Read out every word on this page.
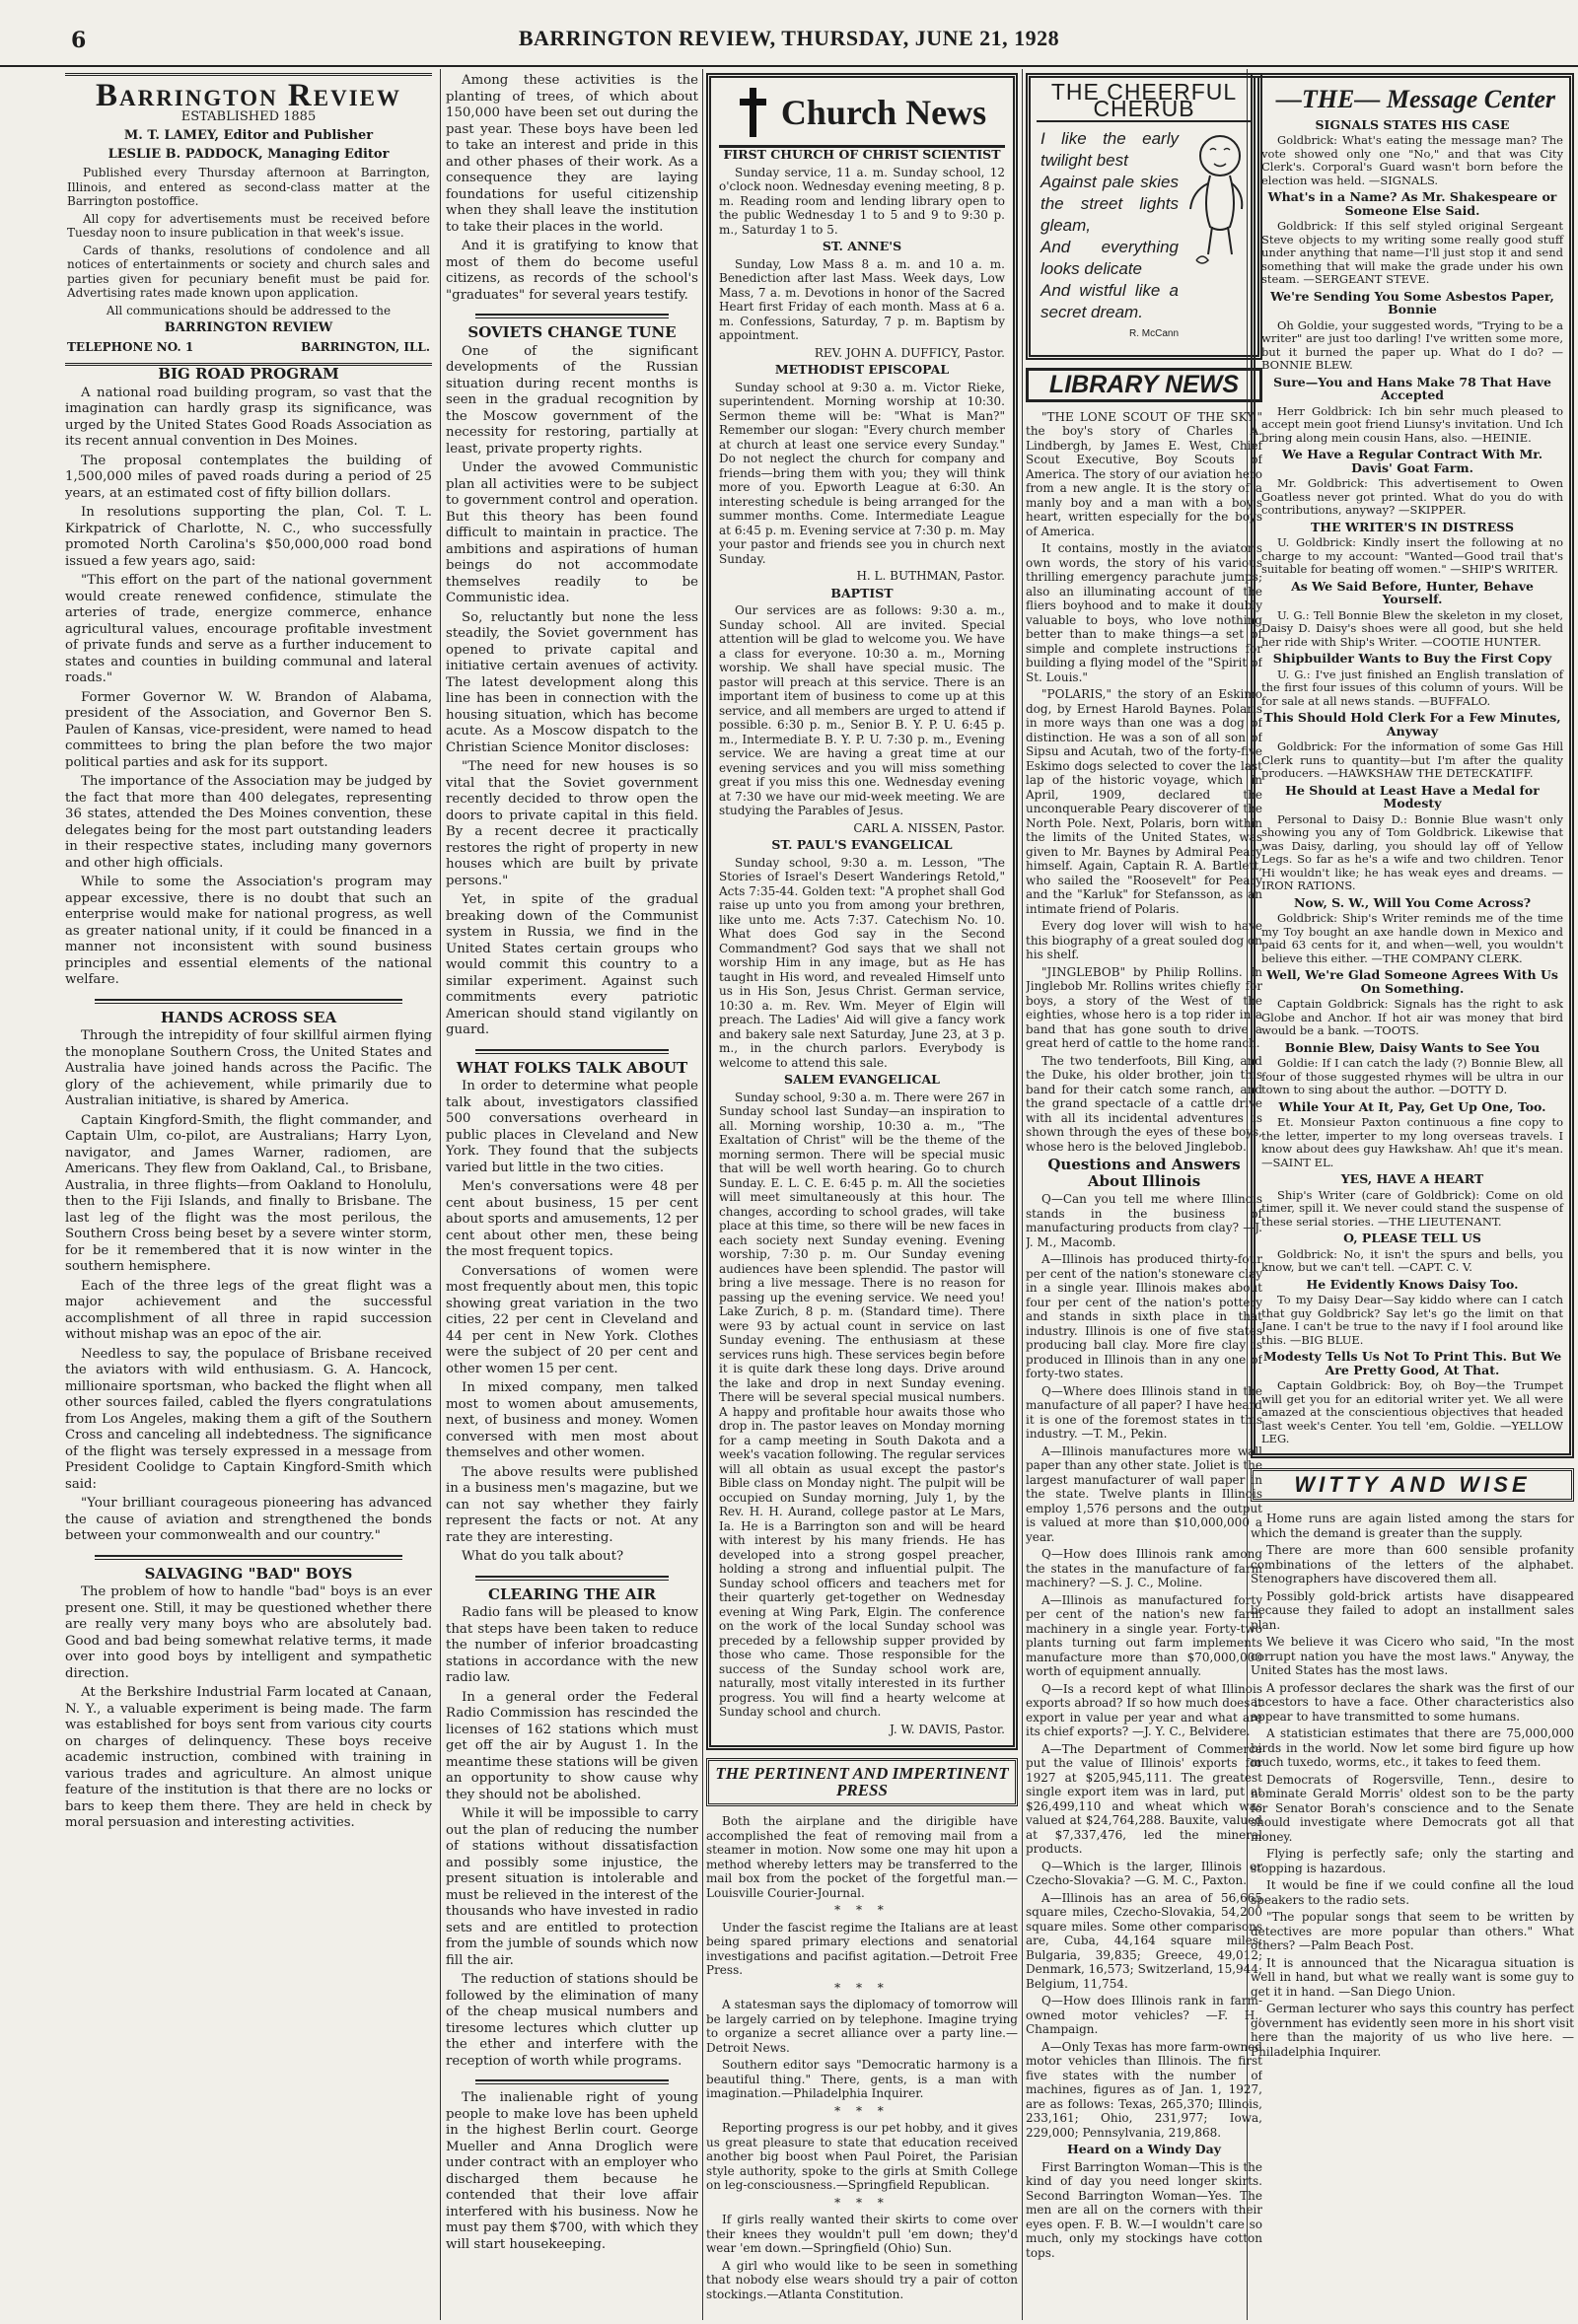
6	BARRINGTON REVIEW, THURSDAY, JUNE 21, 1928
Barrington Review

ESTABLISHED 1885

M. T. LAMEY, Editor and Publisher

LESLIE B. PADDOCK, Managing Editor

Published every Thursday afternoon at Barrington, Illinois, and entered as second-class matter at the Barrington postoffice.

All copy for advertisements must be received before Tuesday noon to insure publication in that week's issue.

Cards of thanks, resolutions of condolence and all notices of entertainments or society and church sales and parties given for pecuniary benefit must be paid for. Advertising rates made known upon application.

All communications should be addressed to the

BARRINGTON REVIEW

TELEPHONE NO. 1	BARRINGTON, ILL.

BIG ROAD PROGRAM

A national road building program, so vast that the imagination can hardly grasp its significance, was urged by the United States Good Roads Association as its recent annual convention in Des Moines.

The proposal contemplates the building of 1,500,000 miles of paved roads during a period of 25 years, at an estimated cost of fifty billion dollars.

In resolutions supporting the plan, Col. T. L. Kirkpatrick of Charlotte, N. C., who successfully promoted North Carolina's $50,000,000 road bond issued a few years ago, said:

"This effort on the part of the national government would create renewed confidence, stimulate the arteries of trade, energize commerce, enhance agricultural values, encourage profitable investment of private funds and serve as a further inducement to states and counties in building communal and lateral roads."

Former Governor W. W. Brandon of Alabama, president of the Association, and Governor Ben S. Paulen of Kansas, vice-president, were named to head committees to bring the plan before the two major political parties and ask for its support.

The importance of the Association may be judged by the fact that more than 400 delegates, representing 36 states, attended the Des Moines convention, these delegates being for the most part outstanding leaders in their respective states, including many governors and other high officials.

While to some the Association's program may appear excessive, there is no doubt that such an enterprise would make for national progress, as well as greater national unity, if it could be financed in a manner not inconsistent with sound business principles and essential elements of the national welfare.

HANDS ACROSS SEA

Through the intrepidity of four skillful airmen flying the monoplane Southern Cross, the United States and Australia have joined hands across the Pacific. The glory of the achievement, while primarily due to Australian initiative, is shared by America.

Captain Kingford-Smith, the flight commander, and Captain Ulm, co-pilot, are Australians; Harry Lyon, navigator, and James Warner, radiomen, are Americans. They flew from Oakland, Cal., to Brisbane, Australia, in three flights—from Oakland to Honolulu, then to the Fiji Islands, and finally to Brisbane. The last leg of the flight was the most perilous, the Southern Cross being beset by a severe winter storm, for be it remembered that it is now winter in the southern hemisphere.

Each of the three legs of the great flight was a major achievement and the successful accomplishment of all three in rapid succession without mishap was an epoc of the air.

Needless to say, the populace of Brisbane received the aviators with wild enthusiasm. G. A. Hancock, millionaire sportsman, who backed the flight when all other sources failed, cabled the flyers congratulations from Los Angeles, making them a gift of the Southern Cross and canceling all indebtedness. The significance of the flight was tersely expressed in a message from President Coolidge to Captain Kingford-Smith which said:

"Your brilliant courageous pioneering has advanced the cause of aviation and strengthened the bonds between your commonwealth and our country."

SALVAGING "BAD" BOYS

The problem of how to handle "bad" boys is an ever present one. Still, it may be questioned whether there are really very many boys who are absolutely bad. Good and bad being somewhat relative terms, it made over into good boys by intelligent and sympathetic direction.

At the Berkshire Industrial Farm located at Canaan, N. Y., a valuable experiment is being made. The farm was established for boys sent from various city courts on charges of delinquency. These boys receive academic instruction, combined with training in various trades and agriculture. An almost unique feature of the institution is that there are no locks or bars to keep them there. They are held in check by moral persuasion and interesting activities.

Among these activities is the planting of trees, of which about 150,000 have been set out during the past year. These boys have been led to take an interest and pride in this and other phases of their work. As a consequence they are laying foundations for useful citizenship when they shall leave the institution to take their places in the world.

And it is gratifying to know that most of them do become useful citizens, as records of the school's "graduates" for several years testify.

SOVIETS CHANGE TUNE

One of the significant developments of the Russian situation during recent months is seen in the gradual recognition by the Moscow government of the necessity for restoring, partially at least, private property rights.

Under the avowed Communistic plan all activities were to be subject to government control and operation. But this theory has been found difficult to maintain in practice. The ambitions and aspirations of human beings do not accommodate themselves readily to be Communistic idea.

So, reluctantly but none the less steadily, the Soviet government has opened to private capital and initiative certain avenues of activity. The latest development along this line has been in connection with the housing situation, which has become acute. As a Moscow dispatch to the Christian Science Monitor discloses:

"The need for new houses is so vital that the Soviet government recently decided to throw open the doors to private capital in this field. By a recent decree it practically restores the right of property in new houses which are built by private persons."

Yet, in spite of the gradual breaking down of the Communist system in Russia, we find in the United States certain groups who would commit this country to a similar experiment. Against such commitments every patriotic American should stand vigilantly on guard.

WHAT FOLKS TALK ABOUT

In order to determine what people talk about, investigators classified 500 conversations overheard in public places in Cleveland and New York. They found that the subjects varied but little in the two cities.

Men's conversations were 48 per cent about business, 15 per cent about sports and amusements, 12 per cent about other men, these being the most frequent topics.

Conversations of women were most frequently about men, this topic showing great variation in the two cities, 22 per cent in Cleveland and 44 per cent in New York. Clothes were the subject of 20 per cent and other women 15 per cent.

In mixed company, men talked most to women about amusements, next, of business and money. Women conversed with men most about themselves and other women.

The above results were published in a business men's magazine, but we can not say whether they fairly represent the facts or not. At any rate they are interesting.

What do you talk about?

CLEARING THE AIR

Radio fans will be pleased to know that steps have been taken to reduce the number of inferior broadcasting stations in accordance with the new radio law.

In a general order the Federal Radio Commission has rescinded the licenses of 162 stations which must get off the air by August 1. In the meantime these stations will be given an opportunity to show cause why they should not be abolished.

While it will be impossible to carry out the plan of reducing the number of stations without dissatisfaction and possibly some injustice, the present situation is intolerable and must be relieved in the interest of the thousands who have invested in radio sets and are entitled to protection from the jumble of sounds which now fill the air.

The reduction of stations should be followed by the elimination of many of the cheap musical numbers and tiresome lectures which clutter up the ether and interfere with the reception of worth while programs.

The inalienable right of young people to make love has been upheld in the highest Berlin court. George Mueller and Anna Droglich were under contract with an employer who discharged them because he contended that their love affair interfered with his business. Now he must pay them $700, with which they will start housekeeping.

Church News

FIRST CHURCH OF CHRIST SCIENTIST

Sunday service, 11 a. m. Sunday school, 12 o'clock noon. Wednesday evening meeting, 8 p. m. Reading room and lending library open to the public Wednesday 1 to 5 and 9 to 9:30 p. m., Saturday 1 to 5.

ST. ANNE'S

Sunday, Low Mass 8 a. m. and 10 a. m. Benediction after last Mass. Week days, Low Mass, 7 a. m. Devotions in honor of the Sacred Heart first Friday of each month. Mass at 6 a. m. Confessions, Saturday, 7 p. m. Baptism by appointment.

REV. JOHN A. DUFFICY, Pastor.

METHODIST EPISCOPAL

Sunday school at 9:30 a. m. Victor Rieke, superintendent. Morning worship at 10:30. Sermon theme will be: "What is Man?" Remember our slogan: "Every church member at church at least one service every Sunday." Do not neglect the church for company and friends—bring them with you; they will think more of you. Epworth League at 6:30. An interesting schedule is being arranged for the summer months. Come. Intermediate League at 6:45 p. m. Evening service at 7:30 p. m. May your pastor and friends see you in church next Sunday.

H. L. BUTHMAN, Pastor.

BAPTIST

Our services are as follows: 9:30 a. m., Sunday school. All are invited. Special attention will be glad to welcome you. We have a class for everyone. 10:30 a. m., Morning worship. We shall have special music. The pastor will preach at this service. There is an important item of business to come up at this service, and all members are urged to attend if possible. 6:30 p. m., Senior B. Y. P. U. 6:45 p. m., Intermediate B. Y. P. U. 7:30 p. m., Evening service. We are having a great time at our evening services and you will miss something great if you miss this one. Wednesday evening at 7:30 we have our mid-week meeting. We are studying the Parables of Jesus.

CARL A. NISSEN, Pastor.

ST. PAUL'S EVANGELICAL

Sunday school, 9:30 a. m. Lesson, "The Stories of Israel's Desert Wanderings Retold," Acts 7:35-44. Golden text: "A prophet shall God raise up unto you from among your brethren, like unto me. Acts 7:37. Catechism No. 10. What does God say in the Second Commandment? God says that we shall not worship Him in any image, but as He has taught in His word, and revealed Himself unto us in His Son, Jesus Christ. German service, 10:30 a. m. Rev. Wm. Meyer of Elgin will preach. The Ladies' Aid will give a fancy work and bakery sale next Saturday, June 23, at 3 p. m., in the church parlors. Everybody is welcome to attend this sale.

SALEM EVANGELICAL

Sunday school, 9:30 a. m. There were 267 in Sunday school last Sunday—an inspiration to all. Morning worship, 10:30 a. m., "The Exaltation of Christ" will be the theme of the morning sermon. There will be special music that will be well worth hearing. Go to church Sunday. E. L. C. E. 6:45 p. m. All the societies will meet simultaneously at this hour. The changes, according to school grades, will take place at this time, so there will be new faces in each society next Sunday evening. Evening worship, 7:30 p. m. Our Sunday evening audiences have been splendid. The pastor will bring a live message. There is no reason for passing up the evening service. We need you! Lake Zurich, 8 p. m. (Standard time). There were 93 by actual count in service on last Sunday evening. The enthusiasm at these services runs high. These services begin before it is quite dark these long days. Drive around the lake and drop in next Sunday evening. There will be several special musical numbers. A happy and profitable hour awaits those who drop in. The pastor leaves on Monday morning for a camp meeting in South Dakota and a week's vacation following. The regular services will all obtain as usual except the pastor's Bible class on Monday night. The pulpit will be occupied on Sunday morning, July 1, by the Rev. H. H. Aurand, college pastor at Le Mars, Ia. He is a Barrington son and will be heard with interest by his many friends. He has developed into a strong gospel preacher, holding a strong and influential pulpit. The Sunday school officers and teachers met for their quarterly get-together on Wednesday evening at Wing Park, Elgin. The conference on the work of the local Sunday school was preceded by a fellowship supper provided by those who came. Those responsible for the success of the Sunday school work are, naturally, most vitally interested in its further progress. You will find a hearty welcome at Sunday school and church.

J. W. DAVIS, Pastor.

THE PERTINENT AND IMPERTINENT PRESS

Both the airplane and the dirigible have accomplished the feat of removing mail from a steamer in motion. Now some one may hit upon a method whereby letters may be transferred to the mail box from the pocket of the forgetful man.—Louisville Courier-Journal.

* * *

Under the fascist regime the Italians are at least being spared primary elections and senatorial investigations and pacifist agitation.—Detroit Free Press.

* * *

A statesman says the diplomacy of tomorrow will be largely carried on by telephone. Imagine trying to organize a secret alliance over a party line.—Detroit News.

Southern editor says "Democratic harmony is a beautiful thing." There, gents, is a man with imagination.—Philadelphia Inquirer.

* * *

Reporting progress is our pet hobby, and it gives us great pleasure to state that education received another big boost when Paul Poiret, the Parisian style authority, spoke to the girls at Smith College on leg-consciousness.—Springfield Republican.

* * *

If girls really wanted their skirts to come over their knees they wouldn't pull 'em down; they'd wear 'em down.—Springfield (Ohio) Sun.

A girl who would like to be seen in something that nobody else wears should try a pair of cotton stockings.—Atlanta Constitution.

THE CHEERFUL CHERUB
I like the early twilight best
Against pale skies the street lights gleam,
And everything looks delicate
And wistful like a secret dream.
R. McCann
LIBRARY NEWS

"THE LONE SCOUT OF THE SKY," the boy's story of Charles A. Lindbergh, by James E. West, Chief Scout Executive, Boy Scouts of America. The story of our aviation hero from a new angle. It is the story of a manly boy and a man with a boy's heart, written especially for the boys of America.

It contains, mostly in the aviator's own words, the story of his various thrilling emergency parachute jumps; also an illuminating account of the fliers boyhood and to make it doubly valuable to boys, who love nothing better than to make things—a set of simple and complete instructions for building a flying model of the "Spirit of St. Louis."

"POLARIS," the story of an Eskimo dog, by Ernest Harold Baynes. Polaris in more ways than one was a dog of distinction. He was a son of all son of Sipsu and Acutah, two of the forty-five Eskimo dogs selected to cover the last lap of the historic voyage, which in April, 1909, declared the unconquerable Peary discoverer of the North Pole. Next, Polaris, born within the limits of the United States, was given to Mr. Baynes by Admiral Peary himself. Again, Captain R. A. Bartlett, who sailed the "Roosevelt" for Peary and the "Karluk" for Stefansson, as an intimate friend of Polaris.

Every dog lover will wish to have this biography of a great souled dog on his shelf.

"JINGLEBOB" by Philip Rollins. In Jinglebob Mr. Rollins writes chiefly for boys, a story of the West of the eighties, whose hero is a top rider in a band that has gone south to drive a great herd of cattle to the home ranch.

The two tenderfoots, Bill King, and the Duke, his older brother, join this band for their catch some ranch, and the grand spectacle of a cattle drive with all its incidental adventures is shown through the eyes of these boys, whose hero is the beloved Jinglebob.

Questions and Answers About Illinois

Q—Can you tell me where Illinois stands in the business of manufacturing products from clay? —J. J. M., Macomb.

A—Illinois has produced thirty-four per cent of the nation's stoneware clay in a single year. Illinois makes about four per cent of the nation's pottery and stands in sixth place in that industry. Illinois is one of five states producing ball clay. More fire clay is produced in Illinois than in any one of forty-two states.

Q—Where does Illinois stand in the manufacture of all paper? I have heard it is one of the foremost states in this industry. —T. M., Pekin.

A—Illinois manufactures more wall paper than any other state. Joliet is the largest manufacturer of wall paper in the state. Twelve plants in Illinois employ 1,576 persons and the output is valued at more than $10,000,000 a year.

Q—How does Illinois rank among the states in the manufacture of farm machinery? —S. J. C., Moline.

A—Illinois as manufactured forty per cent of the nation's new farm machinery in a single year. Forty-two plants turning out farm implements manufacture more than $70,000,000 worth of equipment annually.

Q—Is a record kept of what Illinois exports abroad? If so how much does it export in value per year and what are its chief exports? —J. Y. C., Belvidere.

A—The Department of Commerce put the value of Illinois' exports for 1927 at $205,945,111. The greatest single export item was in lard, put at $26,499,110 and wheat which was valued at $24,764,288. Bauxite, valued at $7,337,476, led the mineral products.

Q—Which is the larger, Illinois or Czecho-Slovakia? —G. M. C., Paxton.

A—Illinois has an area of 56,665 square miles, Czecho-Slovakia, 54,200 square miles. Some other comparisons are, Cuba, 44,164 square miles; Bulgaria, 39,835; Greece, 49,012; Denmark, 16,573; Switzerland, 15,944; Belgium, 11,754.

Q—How does Illinois rank in farm-owned motor vehicles? —F. H., Champaign.

A—Only Texas has more farm-owned motor vehicles than Illinois. The first five states with the number of machines, figures as of Jan. 1, 1927, are as follows: Texas, 265,370; Illinois, 233,161; Ohio, 231,977; Iowa, 229,000; Pennsylvania, 219,868.

Heard on a Windy Day

First Barrington Woman—This is the kind of day you need longer skirts. Second Barrington Woman—Yes. The men are all on the corners with their eyes open. F. B. W.—I wouldn't care so much, only my stockings have cotton tops.

—THE— Message Center

SIGNALS STATES HIS CASE

Goldbrick: What's eating the message man? The vote showed only one "No," and that was City Clerk's. Corporal's Guard wasn't born before the election was held. —SIGNALS.

What's in a Name? As Mr. Shakespeare or Someone Else Said.

Goldbrick: If this self styled original Sergeant Steve objects to my writing some really good stuff under anything that name—I'll just stop it and send something that will make the grade under his own steam. —SERGEANT STEVE.

We're Sending You Some Asbestos Paper, Bonnie

Oh Goldie, your suggested words, "Trying to be a writer" are just too darling! I've written some more, but it burned the paper up. What do I do? —BONNIE BLEW.

Sure—You and Hans Make 78 That Have Accepted

Herr Goldbrick: Ich bin sehr much pleased to accept mein goot friend Liunsy's invitation. Und Ich bring along mein cousin Hans, also. —HEINIE.

We Have a Regular Contract With Mr. Davis' Goat Farm.

Mr. Goldbrick: This advertisement to Owen Goatless never got printed. What do you do with contributions, anyway? —SKIPPER.

THE WRITER'S IN DISTRESS

U. Goldbrick: Kindly insert the following at no charge to my account: "Wanted—Good trail that's suitable for beating off women." —SHIP'S WRITER.

As We Said Before, Hunter, Behave Yourself.

U. G.: Tell Bonnie Blew the skeleton in my closet, Daisy D. Daisy's shoes were all good, but she held her ride with Ship's Writer. —COOTIE HUNTER.

Shipbuilder Wants to Buy the First Copy

U. G.: I've just finished an English translation of the first four issues of this column of yours. Will be for sale at all news stands. —BUFFALO.

This Should Hold Clerk For a Few Minutes, Anyway

Goldbrick: For the information of some Gas Hill Clerk runs to quantity—but I'm after the quality producers. —HAWKSHAW THE DETECKATIFF.

He Should at Least Have a Medal for Modesty

Personal to Daisy D.: Bonnie Blue wasn't only showing you any of Tom Goldbrick. Likewise that was Daisy, darling, you should lay off of Yellow Legs. So far as he's a wife and two children. Tenor Hi wouldn't like; he has weak eyes and dreams. —IRON RATIONS.

Now, S. W., Will You Come Across?

Goldbrick: Ship's Writer reminds me of the time my Toy bought an axe handle down in Mexico and paid 63 cents for it, and when—well, you wouldn't believe this either. —THE COMPANY CLERK.

Well, We're Glad Someone Agrees With Us On Something.

Captain Goldbrick: Signals has the right to ask Globe and Anchor. If hot air was money that bird would be a bank. —TOOTS.

Bonnie Blew, Daisy Wants to See You

Goldie: If I can catch the lady (?) Bonnie Blew, all four of those suggested rhymes will be ultra in our town to sing about the author. —DOTTY D.

While Your At It, Pay, Get Up One, Too.

Et. Monsieur Paxton continuous a fine copy to the letter, imperter to my long overseas travels. I know about dees guy Hawkshaw. Ah! que it's mean. —SAINT EL.

YES, HAVE A HEART

Ship's Writer (care of Goldbrick): Come on old timer, spill it. We never could stand the suspense of these serial stories. —THE LIEUTENANT.

O, PLEASE TELL US

Goldbrick: No, it isn't the spurs and bells, you know, but we can't tell. —CAPT. C. V.

He Evidently Knows Daisy Too.

To my Daisy Dear—Say kiddo where can I catch that guy Goldbrick? Say let's go the limit on that Jane. I can't be true to the navy if I fool around like this. —BIG BLUE.

Modesty Tells Us Not To Print This. But We Are Pretty Good, At That.

Captain Goldbrick: Boy, oh Boy—the Trumpet will get you for an editorial writer yet. We all were amazed at the conscientious objectives that headed last week's Center. You tell 'em, Goldie. —YELLOW LEG.

WITTY AND WISE

Home runs are again listed among the stars for which the demand is greater than the supply.

There are more than 600 sensible profanity combinations of the letters of the alphabet. Stenographers have discovered them all.

Possibly gold-brick artists have disappeared because they failed to adopt an installment sales plan.

We believe it was Cicero who said, "In the most corrupt nation you have the most laws." Anyway, the United States has the most laws.

A professor declares the shark was the first of our ancestors to have a face. Other characteristics also appear to have transmitted to some humans.

A statistician estimates that there are 75,000,000 birds in the world. Now let some bird figure up how much tuxedo, worms, etc., it takes to feed them.

Democrats of Rogersville, Tenn., desire to nominate Gerald Morris' oldest son to be the party for Senator Borah's conscience and to the Senate should investigate where Democrats got all that money.

Flying is perfectly safe; only the starting and stopping is hazardous.

It would be fine if we could confine all the loud speakers to the radio sets.

"The popular songs that seem to be written by detectives are more popular than others." What others? —Palm Beach Post.

It is announced that the Nicaragua situation is well in hand, but what we really want is some guy to get it in hand. —San Diego Union.

German lecturer who says this country has perfect government has evidently seen more in his short visit here than the majority of us who live here. —Philadelphia Inquirer.
